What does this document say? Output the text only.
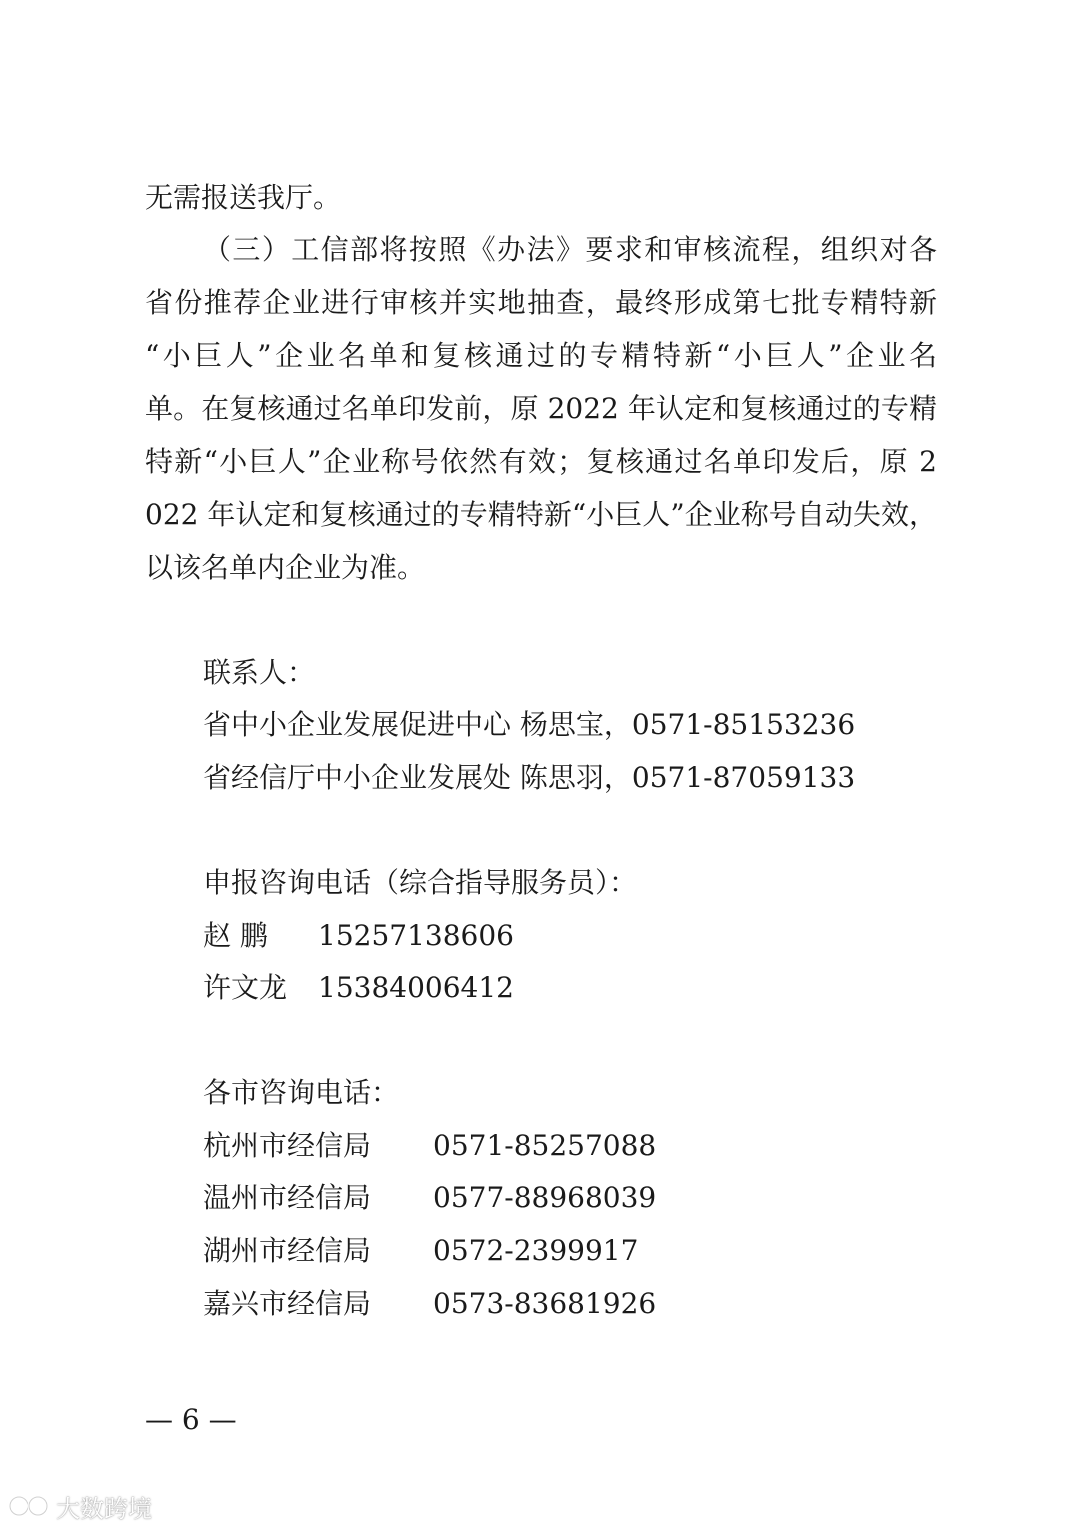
无需报送我厅。
（三）工信部将按照《办法》要求和审核流程，组织对各
省份推荐企业进行审核并实地抽查，最终形成第七批专精特新
“小巨人”企业名单和复核通过的专精特新“小巨人”企业名
单。在复核通过名单印发前，原 2022 年认定和复核通过的专精
特新“小巨人”企业称号依然有效；复核通过名单印发后，原 2
022 年认定和复核通过的专精特新“小巨人”企业称号自动失效，
以该名单内企业为准。
联系人：
省中小企业发展促进中心 杨思宝，0571-85153236
省经信厅中小企业发展处 陈思羽，0571-87059133
申报咨询电话（综合指导服务员）：
赵 鹏 15257138606
许文龙 15384006412
各市咨询电话：
杭州市经信局 0571-85257088
温州市经信局 0577-88968039
湖州市经信局 0572-2399917
嘉兴市经信局 0573-83681926
— 6 —
大数跨境
